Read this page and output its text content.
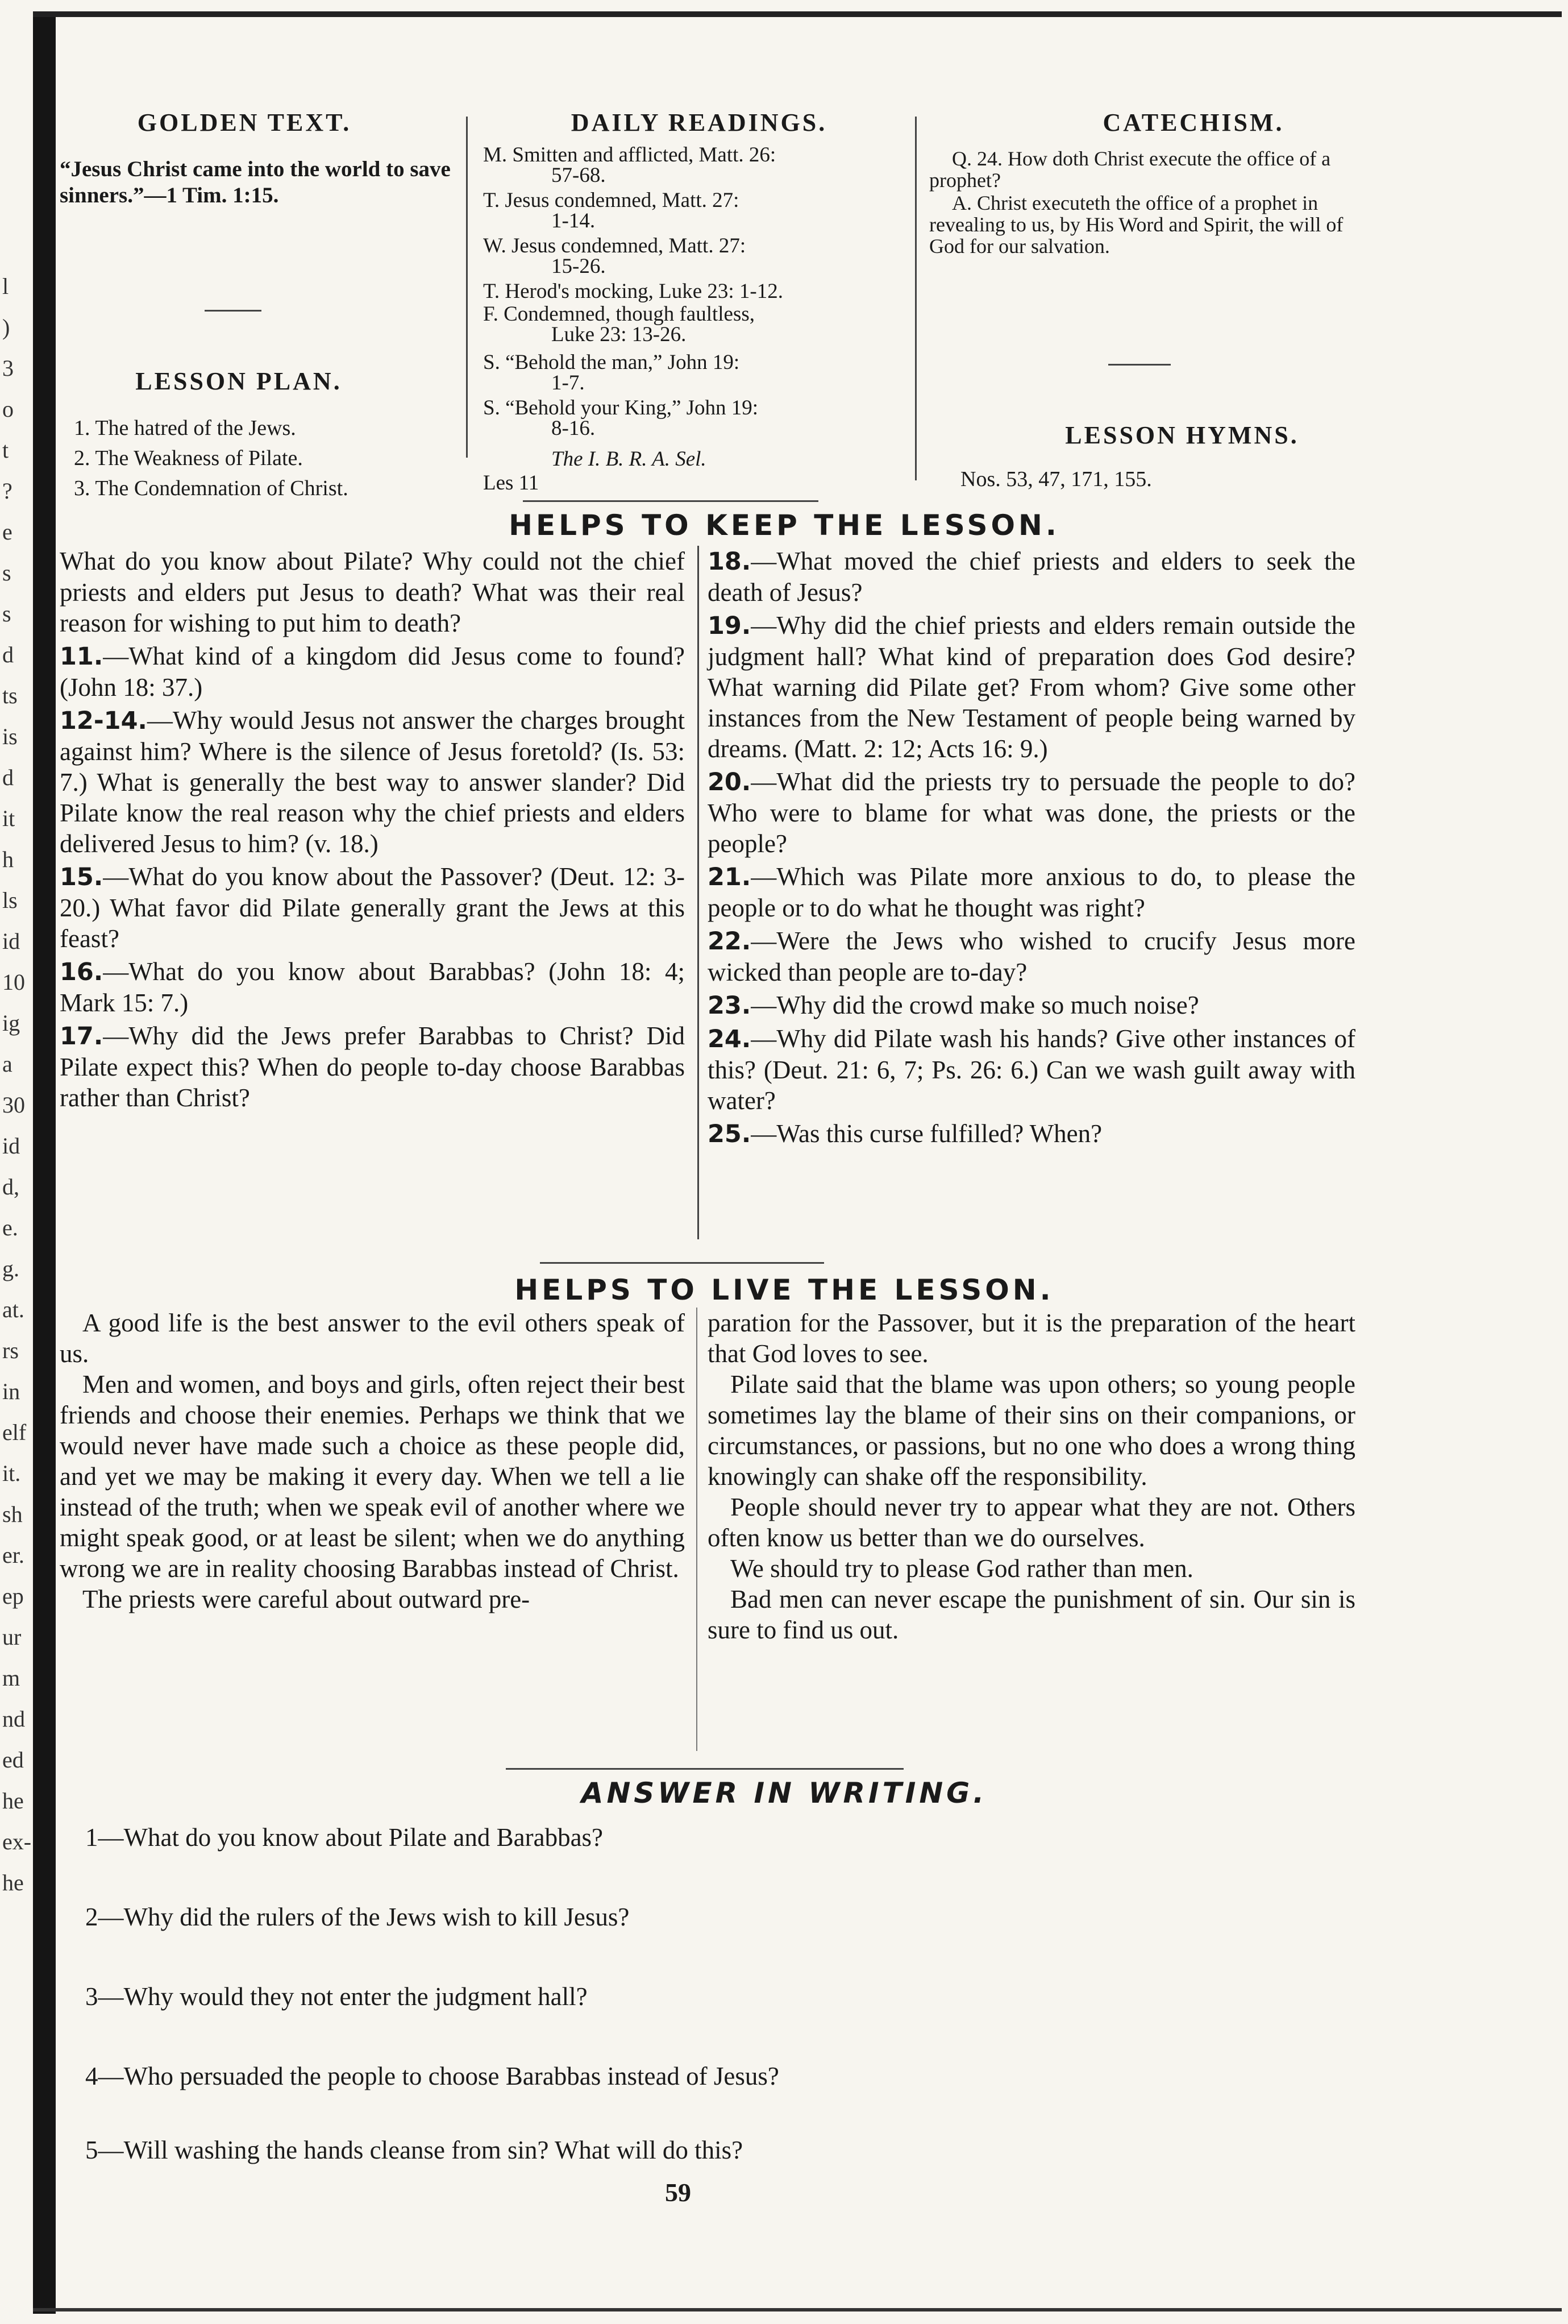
l
)
3
o
t
?
e
s
s
d
ts
is
d
it
h
ls
id
10
ig
a
30
id
d,
e.
g.
at.
rs
in
elf
it.
sh
er.
ep
ur
m
nd
ed
he
ex-
he
GOLDEN TEXT.
“Jesus Christ came into the world to save sinners.”—1 Tim. 1:15.
LESSON PLAN.
1. The hatred of the Jews.
2. The Weakness of Pilate.
3. The Condemnation of Christ.
DAILY READINGS.
M. Smitten and afflicted, Matt. 26:
57-68.
T. Jesus condemned, Matt. 27:
1-14.
W. Jesus condemned, Matt. 27:
15-26.
T. Herod's mocking, Luke 23: 1-12.
F. Condemned, though faultless,
Luke 23: 13-26.
S. “Behold the man,” John 19:
1-7.
S. “Behold your King,” John 19:
8-16.
The I. B. R. A. Sel.
Les 11
CATECHISM.
Q. 24. How doth Christ execute the office of a prophet?
A. Christ executeth the office of a prophet in revealing to us, by His Word and Spirit, the will of God for our salvation.
LESSON HYMNS.
Nos. 53, 47, 171, 155.
HELPS TO KEEP THE LESSON.

What do you know about Pilate? Why could not the chief priests and elders put Jesus to death? What was their real reason for wishing to put him to death?

11.—What kind of a kingdom did Jesus come to found? (John 18: 37.)

12-14.—Why would Jesus not answer the charges brought against him? Where is the silence of Jesus foretold? (Is. 53: 7.) What is generally the best way to answer slander? Did Pilate know the real reason why the chief priests and elders delivered Jesus to him? (v. 18.)

15.—What do you know about the Passover? (Deut. 12: 3-20.) What favor did Pilate generally grant the Jews at this feast?

16.—What do you know about Barabbas? (John 18: 4; Mark 15: 7.)

17.—Why did the Jews prefer Barabbas to Christ? Did Pilate expect this? When do people to-day choose Barabbas rather than Christ?

18.—What moved the chief priests and elders to seek the death of Jesus?

19.—Why did the chief priests and elders remain outside the judgment hall? What kind of preparation does God desire? What warning did Pilate get? From whom? Give some other instances from the New Testament of people being warned by dreams. (Matt. 2: 12; Acts 16: 9.)

20.—What did the priests try to persuade the people to do? Who were to blame for what was done, the priests or the people?

21.—Which was Pilate more anxious to do, to please the people or to do what he thought was right?

22.—Were the Jews who wished to crucify Jesus more wicked than people are to-day?

23.—Why did the crowd make so much noise?

24.—Why did Pilate wash his hands? Give other instances of this? (Deut. 21: 6, 7; Ps. 26: 6.) Can we wash guilt away with water?

25.—Was this curse fulfilled? When?

HELPS TO LIVE THE LESSON.

A good life is the best answer to the evil others speak of us.

Men and women, and boys and girls, often reject their best friends and choose their enemies. Perhaps we think that we would never have made such a choice as these people did, and yet we may be making it every day. When we tell a lie instead of the truth; when we speak evil of another where we might speak good, or at least be silent; when we do anything wrong we are in reality choosing Barabbas instead of Christ.

The priests were careful about outward pre-

paration for the Passover, but it is the preparation of the heart that God loves to see.

Pilate said that the blame was upon others; so young people sometimes lay the blame of their sins on their companions, or circumstances, or passions, but no one who does a wrong thing knowingly can shake off the responsibility.

People should never try to appear what they are not. Others often know us better than we do ourselves.

We should try to please God rather than men.

Bad men can never escape the punishment of sin. Our sin is sure to find us out.

ANSWER IN WRITING.
1—What do you know about Pilate and Barabbas?
2—Why did the rulers of the Jews wish to kill Jesus?
3—Why would they not enter the judgment hall?
4—Who persuaded the people to choose Barabbas instead of Jesus?
5—Will washing the hands cleanse from sin? What will do this?
59
